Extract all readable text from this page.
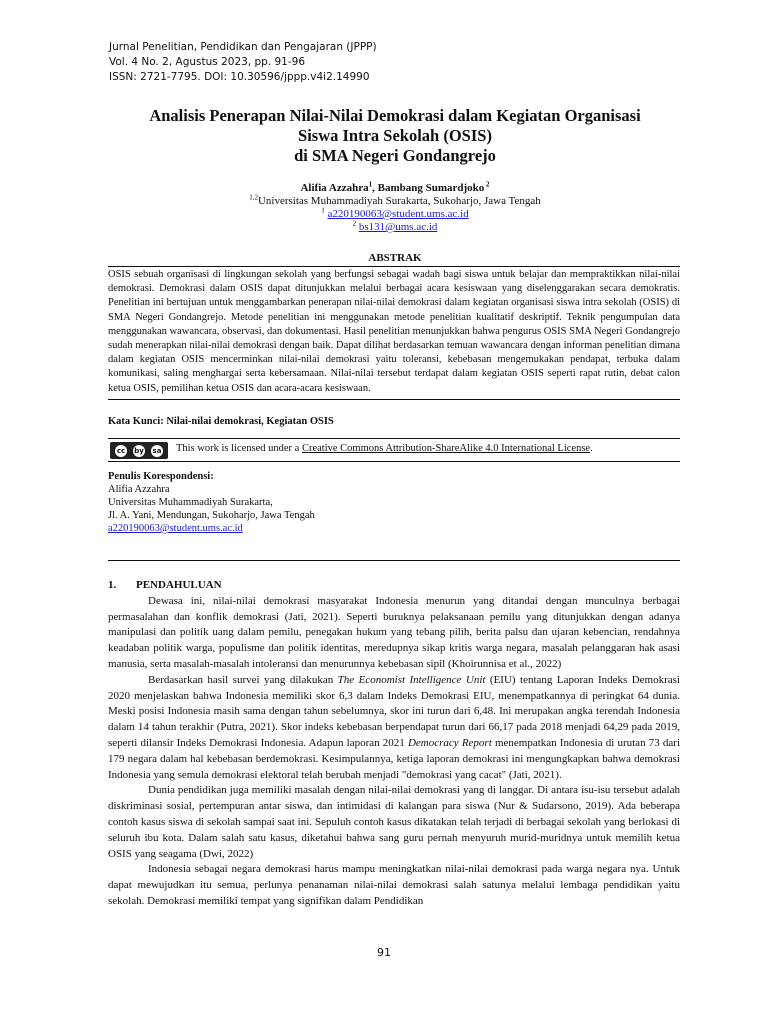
Jurnal Penelitian, Pendidikan dan Pengajaran (JPPP)
Vol. 4 No. 2, Agustus 2023, pp. 91-96
ISSN: 2721-7795. DOI: 10.30596/jppp.v4i2.14990
Analisis Penerapan Nilai-Nilai Demokrasi dalam Kegiatan Organisasi
Siswa Intra Sekolah (OSIS)
di SMA Negeri Gondangrejo
Alifia Azzahra$^1$, Bambang Sumardjoko $^2$
$^{1,2}$Universitas Muhammadiyah Surakarta, Sukoharjo, Jawa Tengah
$^1$ a220190063@student.ums.ac.id
$^2$ bs131@ums.ac.id
ABSTRAK
OSIS sebuah organisasi di lingkungan sekolah yang berfungsi sebagai wadah bagi siswa untuk belajar dan mempraktikkan nilai-nilai demokrasi. Demokrasi dalam OSIS dapat ditunjukkan melalui berbagai acara kesiswaan yang diselenggarakan secara demokratis. Penelitian ini bertujuan untuk menggambarkan penerapan nilai-nilai demokrasi dalam kegiatan organisasi siswa intra sekolah (OSIS) di SMA Negeri Gondangrejo. Metode penelitian ini menggunakan metode penelitian kualitatif deskriptif. Teknik pengumpulan data menggunakan wawancara, observasi, dan dokumentasi. Hasil penelitian menunjukkan bahwa pengurus OSIS SMA Negeri Gondangrejo sudah menerapkan nilai-nilai demokrasi dengan baik. Dapat dilihat berdasarkan temuan wawancara dengan informan penelitian dimana dalam kegiatan OSIS mencerminkan nilai-nilai demokrasi yaitu toleransi, kebebasan mengemukakan pendapat, terbuka dalam komunikasi, saling menghargai serta kebersamaan. Nilai-nilai tersebut terdapat dalam kegiatan OSIS seperti rapat rutin, debat calon ketua OSIS, pemilihan ketua OSIS dan acara-acara kesiswaan.
Kata Kunci: Nilai-nilai demokrasi, Kegiatan OSIS
cc by sa This work is licensed under a Creative Commons Attribution-ShareAlike 4.0 International License.
Penulis Korespondensi:
Alifia Azzahra
Universitas Muhammadiyah Surakarta,
Jl. A. Yani, Mendungan, Sukoharjo, Jawa Tengah
a220190063@student.ums.ac.id
1. PENDAHULUAN

Dewasa ini, nilai-nilai demokrasi masyarakat Indonesia menurun yang ditandai dengan munculnya berbagai permasalahan dan konflik demokrasi (Jati, 2021). Seperti buruknya pelaksanaan pemilu yang ditunjukkan dengan adanya manipulasi dan politik uang dalam pemilu, penegakan hukum yang tebang pilih, berita palsu dan ujaran kebencian, rendahnya keadaban politik warga, populisme dan politik identitas, meredupnya sikap kritis warga negara, masalah pelanggaran hak asasi manusia, serta masalah-masalah intoleransi dan menurunnya kebebasan sipil (Khoirunnisa et al., 2022)

Berdasarkan hasil survei yang dilakukan The Economist Intelligence Unit (EIU) tentang Laporan Indeks Demokrasi 2020 menjelaskan bahwa Indonesia memiliki skor 6,3 dalam Indeks Demokrasi EIU, menempatkannya di peringkat 64 dunia. Meski posisi Indonesia masih sama dengan tahun sebelumnya, skor ini turun dari 6,48. Ini merupakan angka terendah Indonesia dalam 14 tahun terakhir (Putra, 2021). Skor indeks kebebasan berpendapat turun dari 66,17 pada 2018 menjadi 64,29 pada 2019, seperti dilansir Indeks Demokrasi Indonesia. Adapun laporan 2021 Democracy Report menempatkan Indonesia di urutan 73 dari 179 negara dalam hal kebebasan berdemokrasi. Kesimpulannya, ketiga laporan demokrasi ini mengungkapkan bahwa demokrasi Indonesia yang semula demokrasi elektoral telah berubah menjadi "demokrasi yang cacat" (Jati, 2021).

Dunia pendidikan juga memiliki masalah dengan nilai-nilai demokrasi yang di langgar. Di antara isu-isu tersebut adalah diskriminasi sosial, pertempuran antar siswa, dan intimidasi di kalangan para siswa (Nur & Sudarsono, 2019). Ada beberapa contoh kasus siswa di sekolah sampai saat ini. Sepuluh contoh kasus dikatakan telah terjadi di berbagai sekolah yang berlokasi di seluruh ibu kota. Dalam salah satu kasus, diketahui bahwa sang guru pernah menyuruh murid-muridnya untuk memilih ketua OSIS yang seagama (Dwi, 2022)

Indonesia sebagai negara demokrasi harus mampu meningkatkan nilai-nilai demokrasi pada warga negara nya. Untuk dapat mewujudkan itu semua, perlunya penanaman nilai-nilai demokrasi salah satunya melalui lembaga pendidikan yaitu sekolah. Demokrasi memiliki tempat yang signifikan dalam Pendidikan

91
